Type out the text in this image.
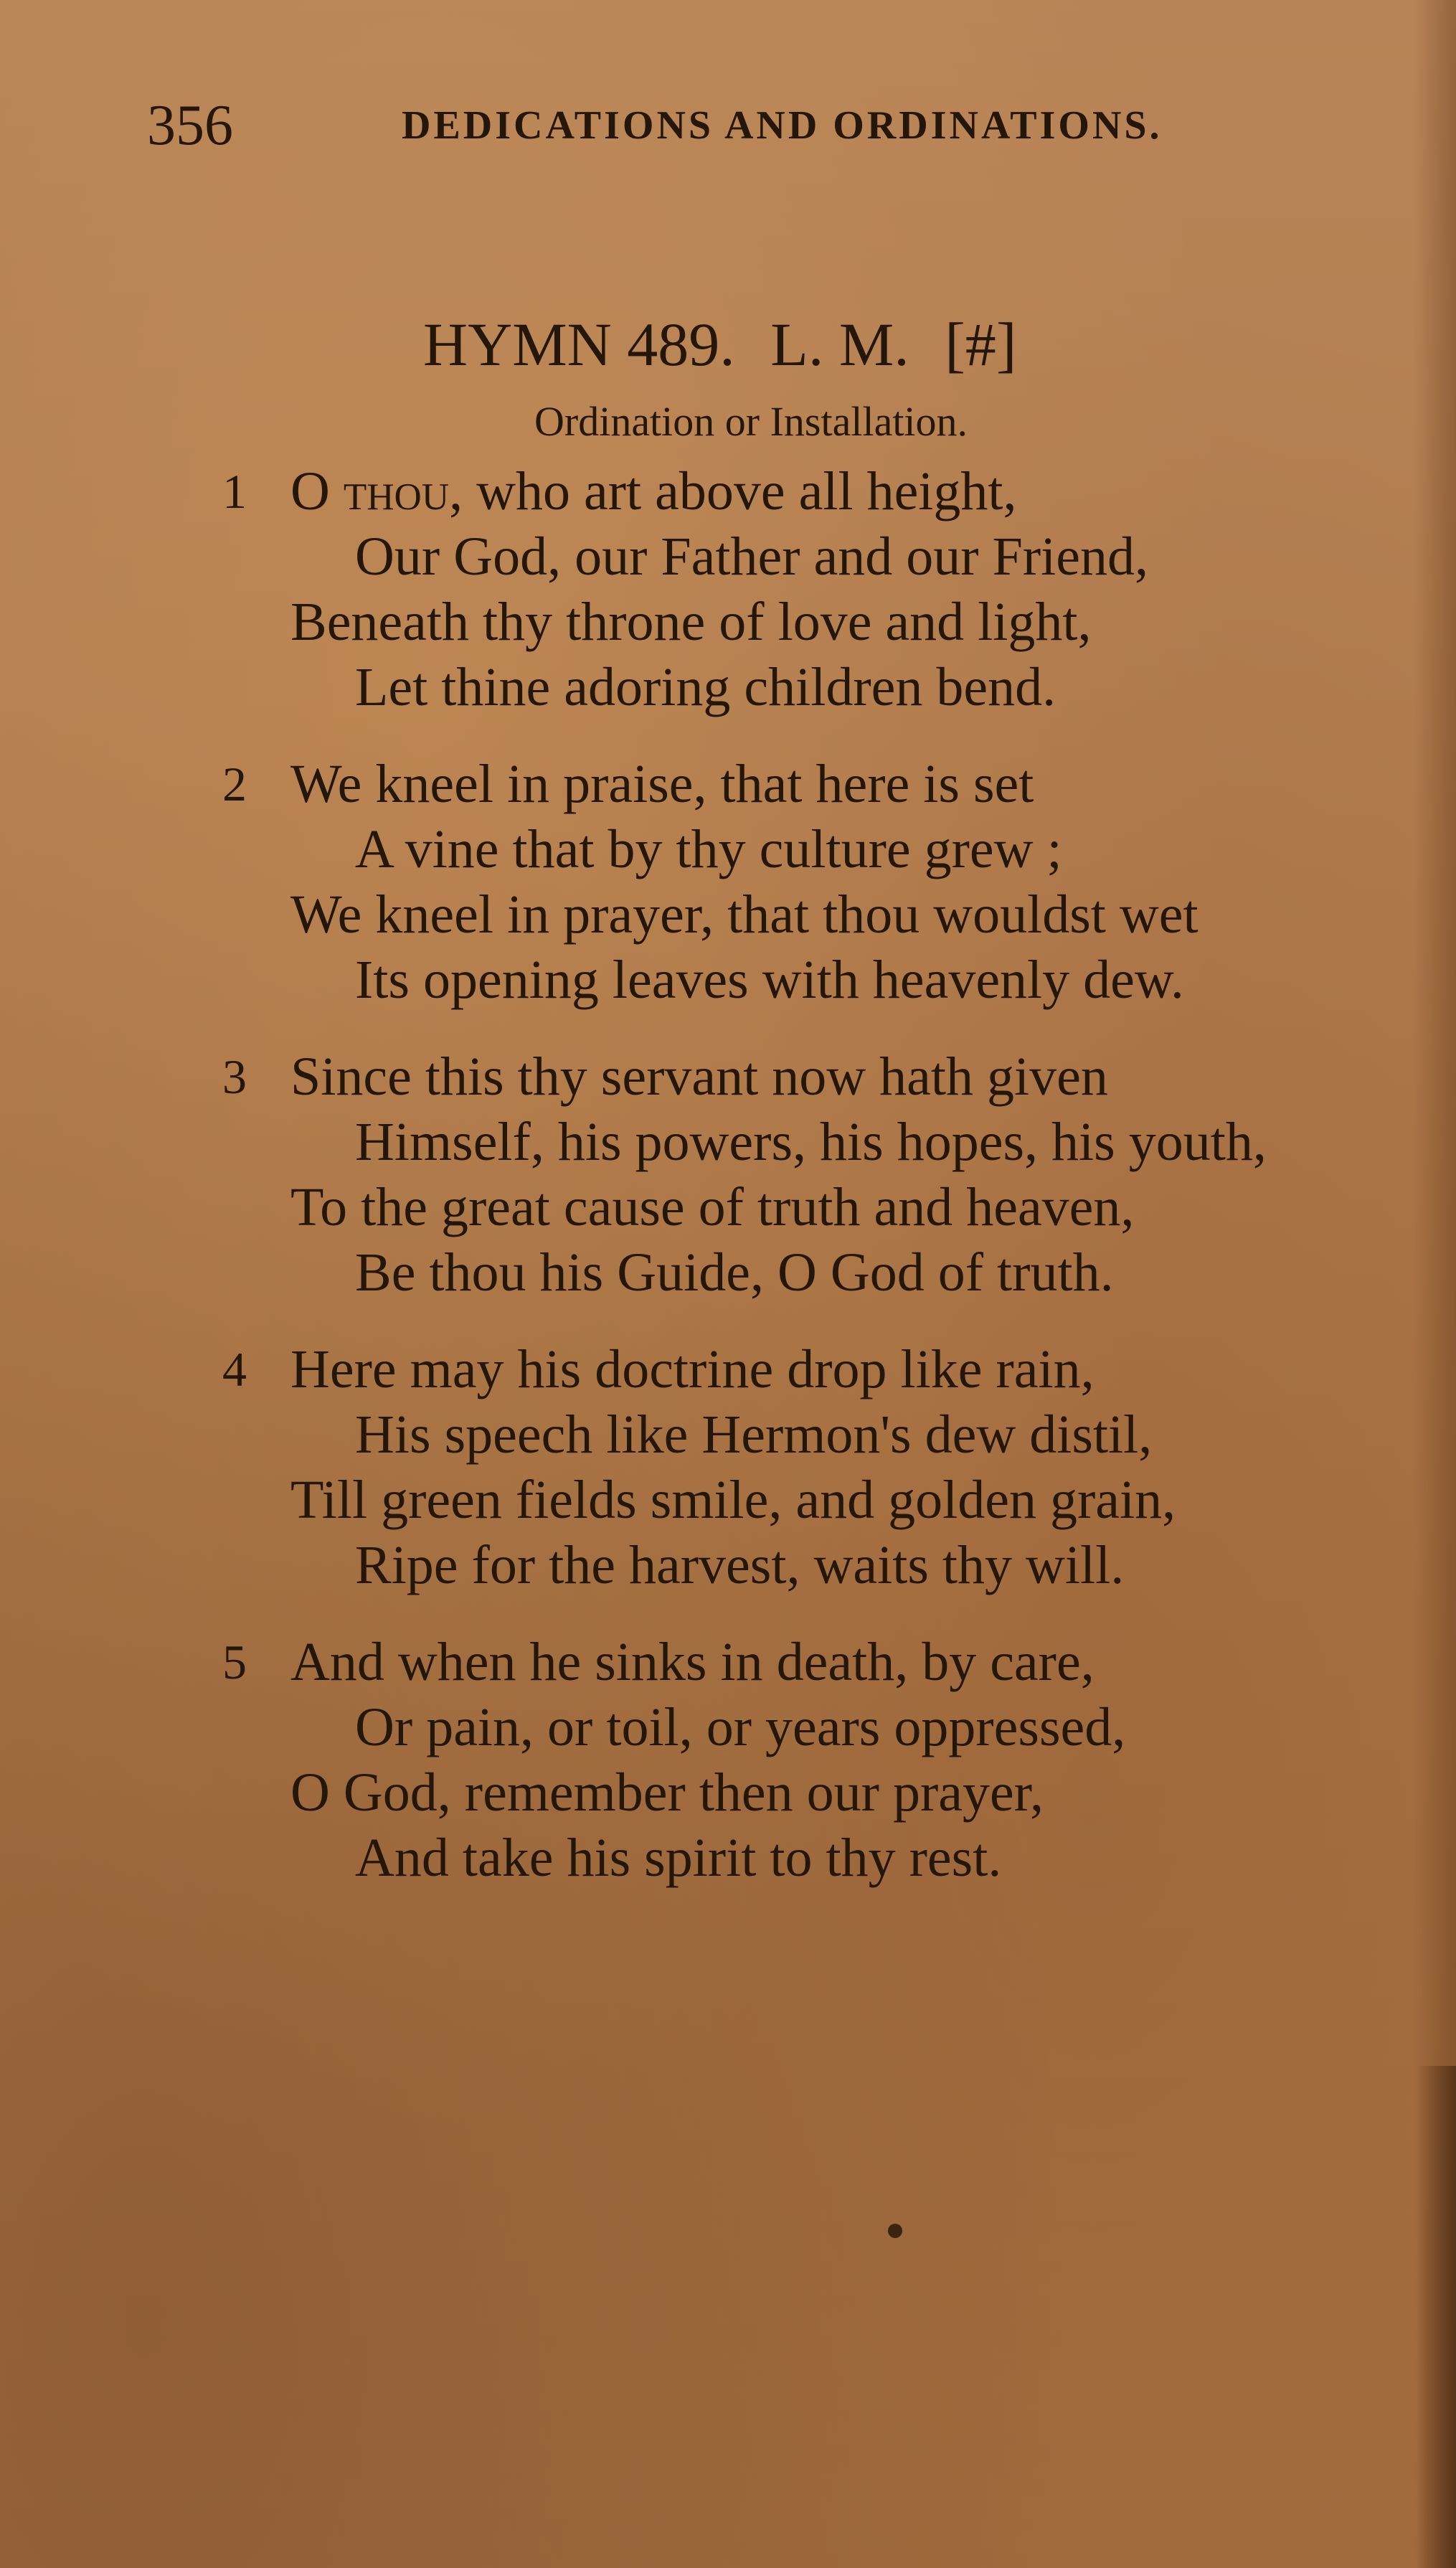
356	DEDICATIONS AND ORDINATIONS.
HYMN 489. L. M. [#]
Ordination or Installation.
1 O thou, who art above all height,
Our God, our Father and our Friend,
Beneath thy throne of love and light,
Let thine adoring children bend.
2 We kneel in praise, that here is set
A vine that by thy culture grew ;
We kneel in prayer, that thou wouldst wet
Its opening leaves with heavenly dew.
3 Since this thy servant now hath given
Himself, his powers, his hopes, his youth,
To the great cause of truth and heaven,
Be thou his Guide, O God of truth.
4 Here may his doctrine drop like rain,
His speech like Hermon's dew distil,
Till green fields smile, and golden grain,
Ripe for the harvest, waits thy will.
5 And when he sinks in death, by care,
Or pain, or toil, or years oppressed,
O God, remember then our prayer,
And take his spirit to thy rest.
